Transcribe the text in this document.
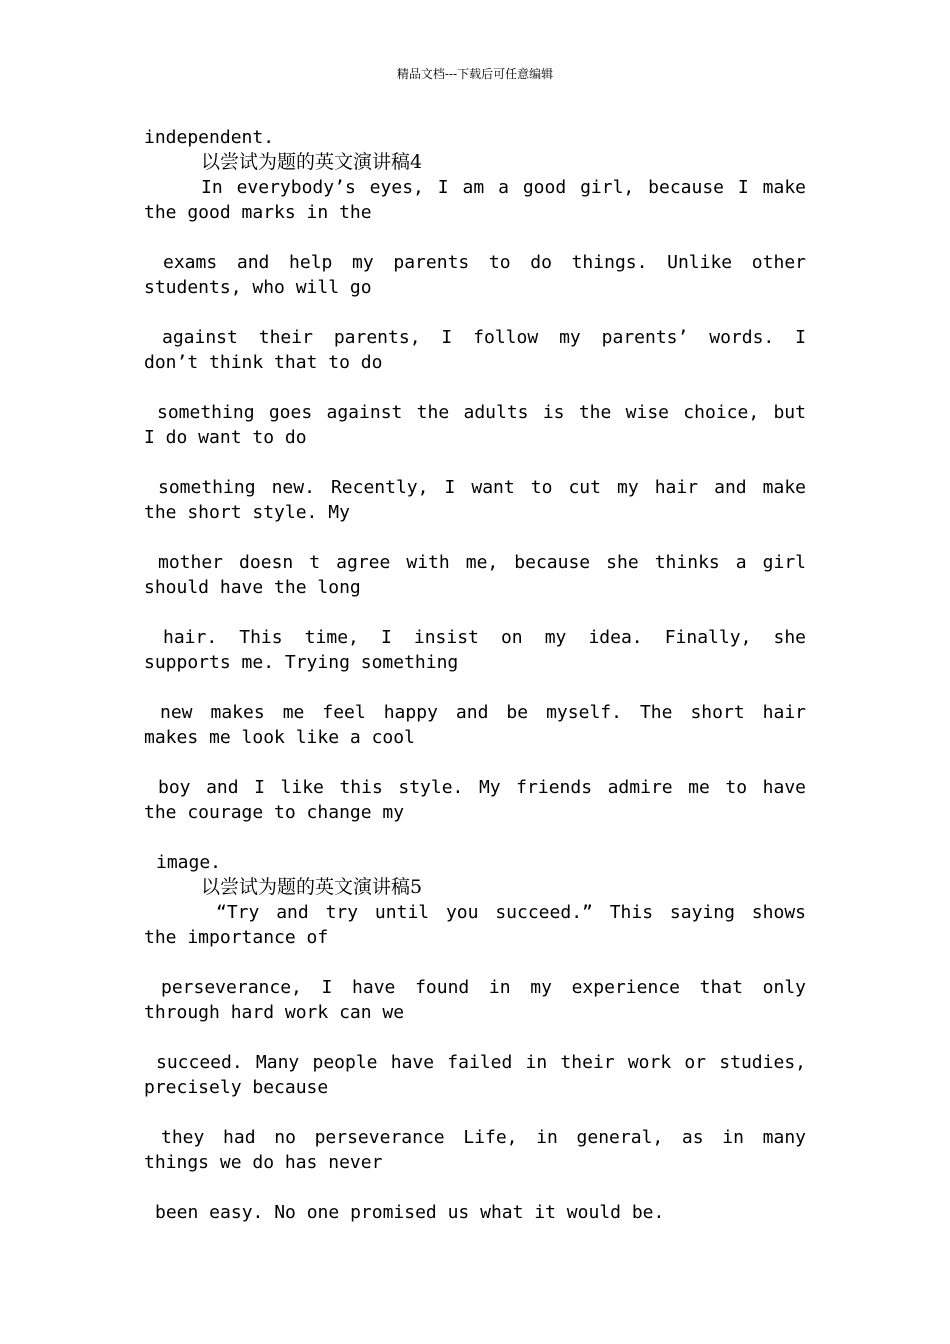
精品文档---下载后可任意编辑
independent.
以尝试为题的英文演讲稿4
In everybody’s eyes, I am a good girl, because I make
the good marks in the
exams and help my parents to do things. Unlike other
students, who will go
against their parents, I follow my parents’ words. I
don’t think that to do
something goes against the adults is the wise choice, but
I do want to do
something new. Recently, I want to cut my hair and make
the short style. My
mother doesn t agree with me, because she thinks a girl
should have the long
hair. This time, I insist on my idea. Finally, she
supports me. Trying something
new makes me feel happy and be myself. The short hair
makes me look like a cool
boy and I like this style. My friends admire me to have
the courage to change my
image.
以尝试为题的英文演讲稿5
“Try and try until you succeed.” This saying shows
the importance of
perseverance, I have found in my experience that only
through hard work can we
succeed. Many people have failed in their work or studies,
precisely because
they had no perseverance Life, in general, as in many
things we do has never
been easy. No one promised us what it would be.
